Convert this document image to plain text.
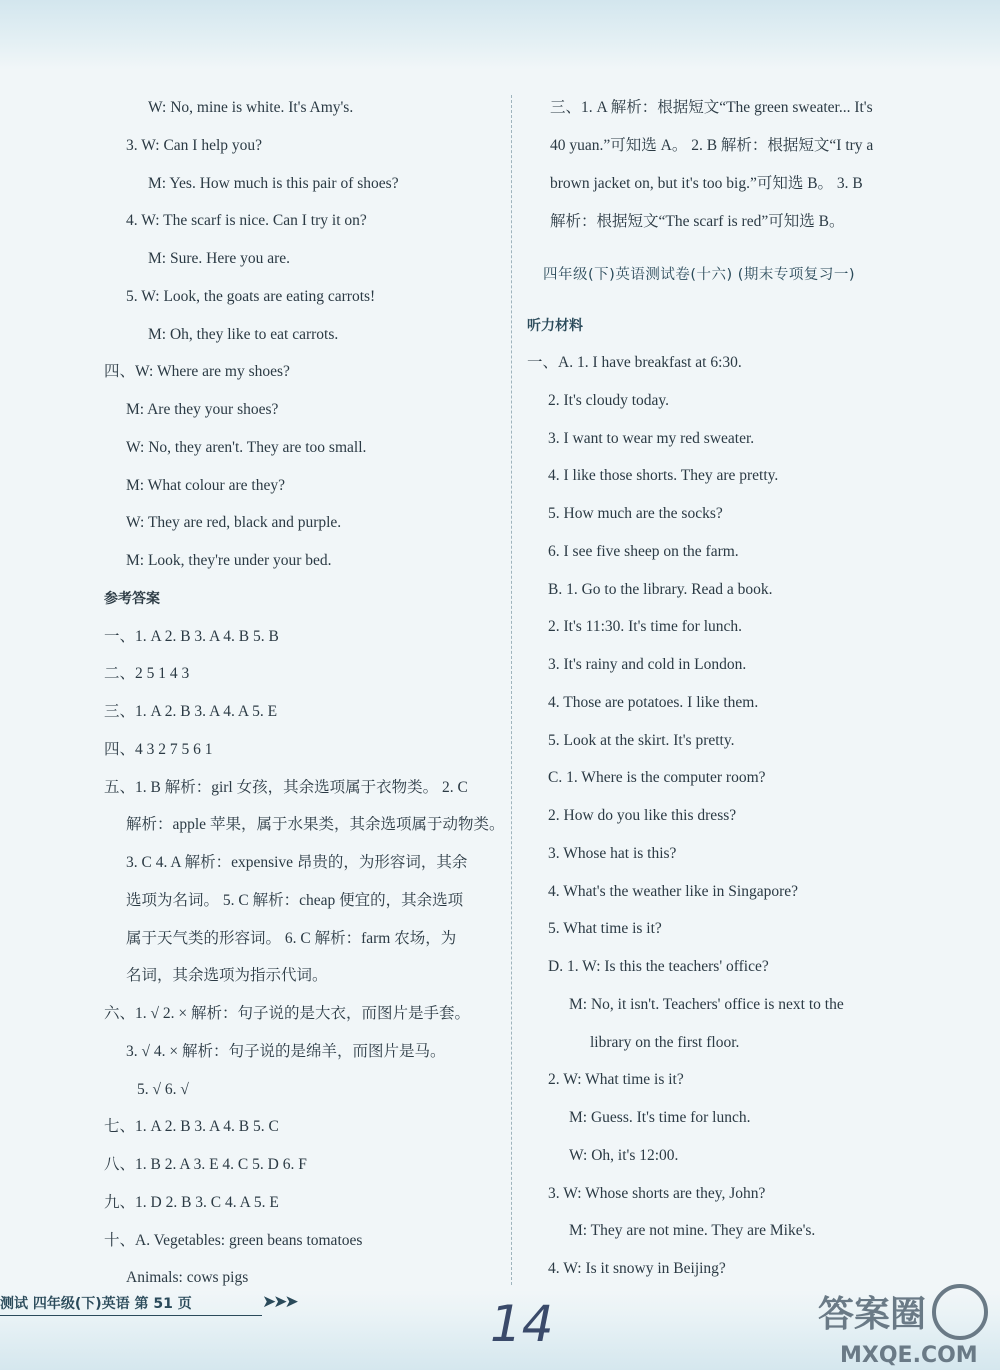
W: No, mine is white. It's Amy's.
3. W: Can I help you?
M: Yes. How much is this pair of shoes?
4. W: The scarf is nice. Can I try it on?
M: Sure. Here you are.
5. W: Look, the goats are eating carrots!
M: Oh, they like to eat carrots.
四、W: Where are my shoes?
M: Are they your shoes?
W: No, they aren't. They are too small.
M: What colour are they?
W: They are red, black and purple.
M: Look, they're under your bed.
参考答案
一、1. A 2. B 3. A 4. B 5. B
二、2 5 1 4 3
三、1. A 2. B 3. A 4. A 5. E
四、4 3 2 7 5 6 1
五、1. B 解析：girl 女孩，其余选项属于衣物类。 2. C
解析：apple 苹果，属于水果类，其余选项属于动物类。
3. C 4. A 解析：expensive 昂贵的，为形容词，其余
选项为名词。 5. C 解析：cheap 便宜的，其余选项
属于天气类的形容词。 6. C 解析：farm 农场，为
名词，其余选项为指示代词。
六、1. √ 2. × 解析：句子说的是大衣，而图片是手套。
3. √ 4. × 解析：句子说的是绵羊，而图片是马。
5. √ 6. √
七、1. A 2. B 3. A 4. B 5. C
八、1. B 2. A 3. E 4. C 5. D 6. F
九、1. D 2. B 3. C 4. A 5. E
十、A. Vegetables: green beans tomatoes
Animals: cows pigs
三、1. A 解析：根据短文“The green sweater... It's
40 yuan.”可知选 A。 2. B 解析：根据短文“I try a
brown jacket on, but it's too big.”可知选 B。 3. B
解析：根据短文“The scarf is red”可知选 B。
四年级(下)英语测试卷(十六) (期末专项复习一)
听力材料
一、A. 1. I have breakfast at 6:30.
2. It's cloudy today.
3. I want to wear my red sweater.
4. I like those shorts. They are pretty.
5. How much are the socks?
6. I see five sheep on the farm.
B. 1. Go to the library. Read a book.
2. It's 11:30. It's time for lunch.
3. It's rainy and cold in London.
4. Those are potatoes. I like them.
5. Look at the skirt. It's pretty.
C. 1. Where is the computer room?
2. How do you like this dress?
3. Whose hat is this?
4. What's the weather like in Singapore?
5. What time is it?
D. 1. W: Is this the teachers' office?
M: No, it isn't. Teachers' office is next to the
library on the first floor.
2. W: What time is it?
M: Guess. It's time for lunch.
W: Oh, it's 12:00.
3. W: Whose shorts are they, John?
M: They are not mine. They are Mike's.
4. W: Is it snowy in Beijing?
测试 四年级(下)英语 第 51 页	➤➤➤	14	答案圈
MXQE.COM
